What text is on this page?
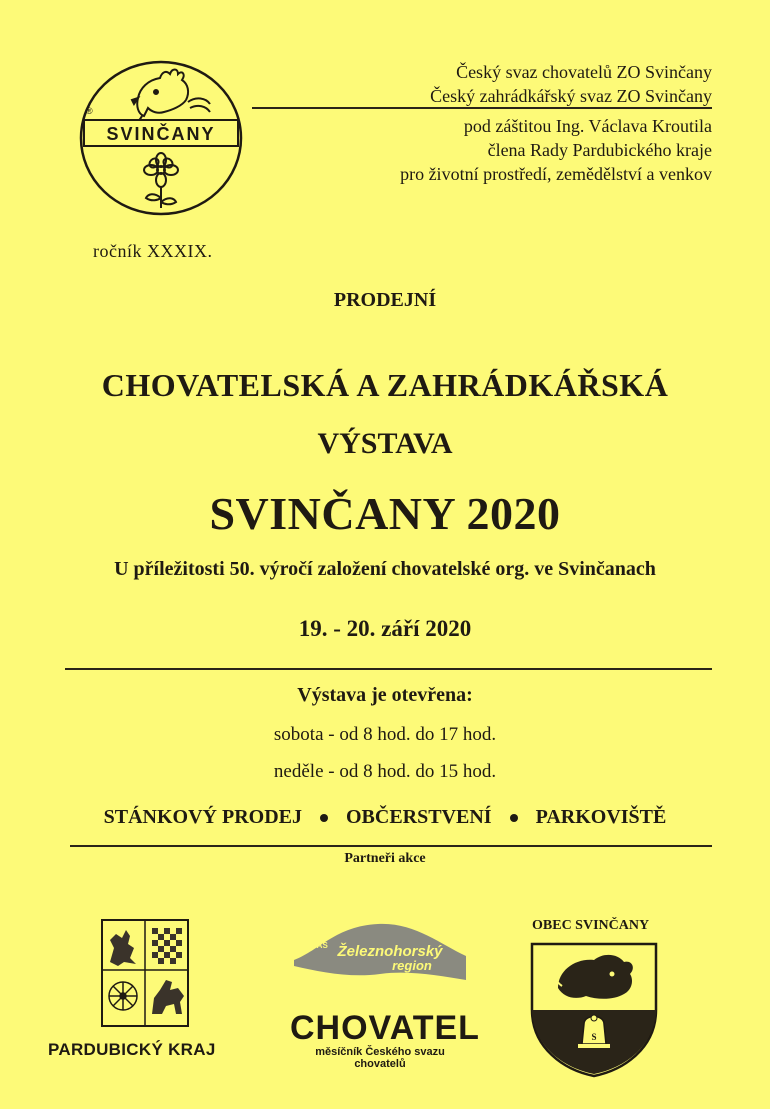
®
SVINČANY
Český svaz chovatelů ZO Svinčany
Český zahrádkářský svaz ZO Svinčany
pod záštitou Ing. Václava Kroutila
člena Rady Pardubického kraje
pro životní prostředí, zemědělství a venkov
ročník XXXIX.
PRODEJNÍ
CHOVATELSKÁ A ZAHRÁDKÁŘSKÁ
VÝSTAVA
SVINČANY 2020
U příležitosti 50. výročí založení chovatelské org. ve Svinčanach
19. - 20. září 2020
Výstava je otevřena:
sobota - od 8 hod. do 17 hod.
neděle - od 8 hod. do 15 hod.
STÁNKOVÝ PRODEJ OBČERSTVENÍ PARKOVIŠTĚ
Partneři akce
PARDUBICKÝ KRAJ
MAS Železnohorský
region
CHOVATEL
měsíčník Českého svazu chovatelů
OBEC SVINČANY
S
